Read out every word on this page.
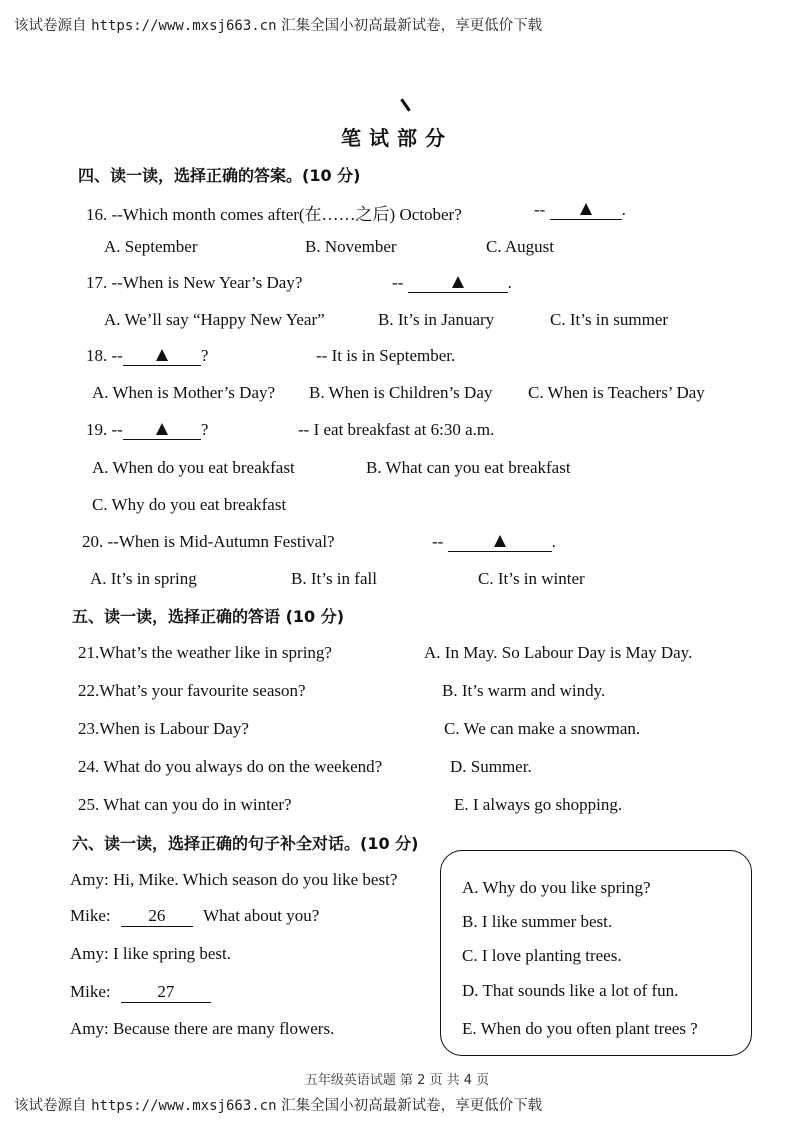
该试卷源自 https://www.mxsj663.cn 汇集全国小初高最新试卷，享更低价下载
笔试部分
四、读一读，选择正确的答案。(10 分)
16. --Which month comes after(在……之后) October?	--	.
A. September	B. November	C. August
17. --When is New Year’s Day?	--	.
A. We’ll say “Happy New Year”	B. It’s in January	C. It’s in summer
18. --	?	-- It is in September.
A. When is Mother’s Day? B. When is Children’s Day C. When is Teachers’ Day
19. --	?	-- I eat breakfast at 6:30 a.m.
A. When do you eat breakfast	B. What can you eat breakfast
C. Why do you eat breakfast
20. --When is Mid-Autumn Festival?	--	.
A. It’s in spring	B. It’s in fall	C. It’s in winter
五、读一读，选择正确的答语 (10 分)
21.What’s the weather like in spring?	A. In May. So Labour Day is May Day.
22.What’s your favourite season?	B. It’s warm and windy.
23.When is Labour Day?	C. We can make a snowman.
24. What do you always do on the weekend?	D. Summer.
25. What can you do in winter?	E. I always go shopping.
六、读一读，选择正确的句子补全对话。(10 分)
Amy: Hi, Mike. Which season do you like best?
Mike: 26 What about you?
Amy: I like spring best.
Mike:	27
Amy: Because there are many flowers.
A. Why do you like spring?
B. I like summer best.
C. I love planting trees.
D. That sounds like a lot of fun.
E. When do you often plant trees ?
五年级英语试题 第 2 页 共 4 页
该试卷源自 https://www.mxsj663.cn 汇集全国小初高最新试卷，享更低价下载
